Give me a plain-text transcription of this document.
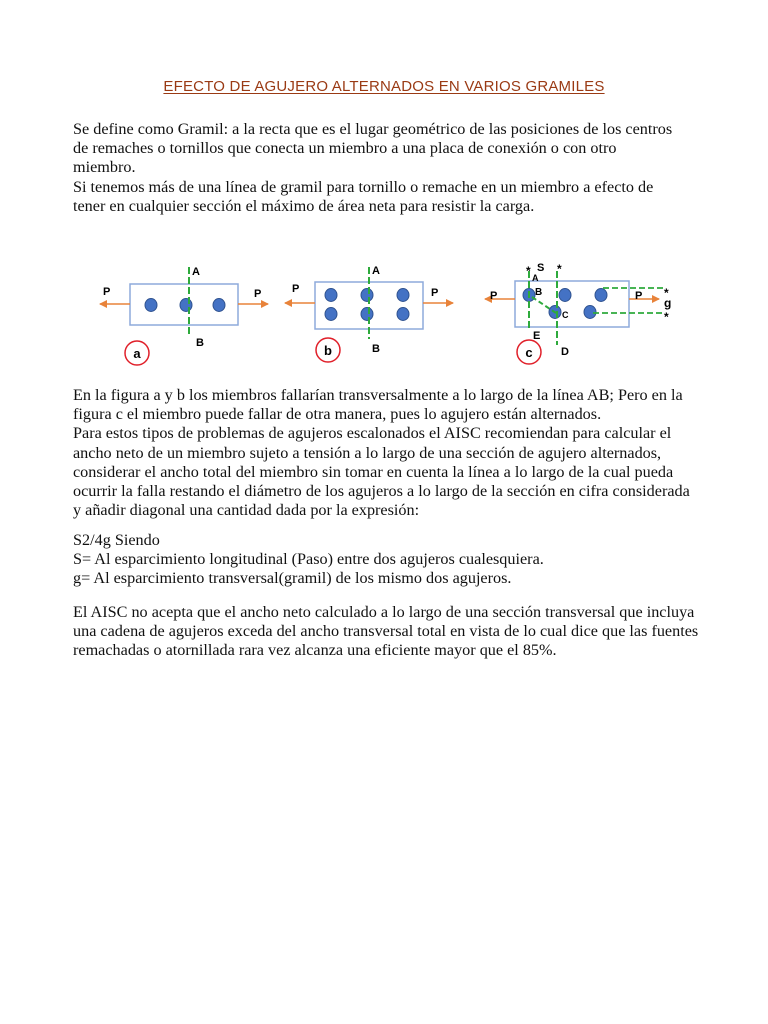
EFECTO DE AGUJERO ALTERNADOS EN VARIOS GRAMILES

Se define como Gramil: a la recta que es el lugar geométrico de las posiciones de los centros
de remaches o tornillos que conecta un miembro a una placa de conexión o con otro
miembro.
Si tenemos más de una línea de gramil para tornillo o remache en un miembro a efecto de
tener en cualquier sección el máximo de área neta para resistir la carga.

P	P
A
B
a
P	P
A
B
b
P	P
* S *
A
B
C
E
D
*
g
*
c

En la figura a y b los miembros fallarían transversalmente a lo largo de la línea AB; Pero en la
figura c el miembro puede fallar de otra manera, pues lo agujero están alternados.
Para estos tipos de problemas de agujeros escalonados el AISC recomiendan para calcular el
ancho neto de un miembro sujeto a tensión a lo largo de una sección de agujero alternados,
considerar el ancho total del miembro sin tomar en cuenta la línea a lo largo de la cual pueda
ocurrir la falla restando el diámetro de los agujeros a lo largo de la sección en cifra considerada
y añadir diagonal una cantidad dada por la expresión:

S2/4g Siendo
S= Al esparcimiento longitudinal (Paso) entre dos agujeros cualesquiera.
g= Al esparcimiento transversal(gramil) de los mismo dos agujeros.

El AISC no acepta que el ancho neto calculado a lo largo de una sección transversal que incluya
una cadena de agujeros exceda del ancho transversal total en vista de lo cual dice que las fuentes
remachadas o atornillada rara vez alcanza una eficiente mayor que el 85%.
